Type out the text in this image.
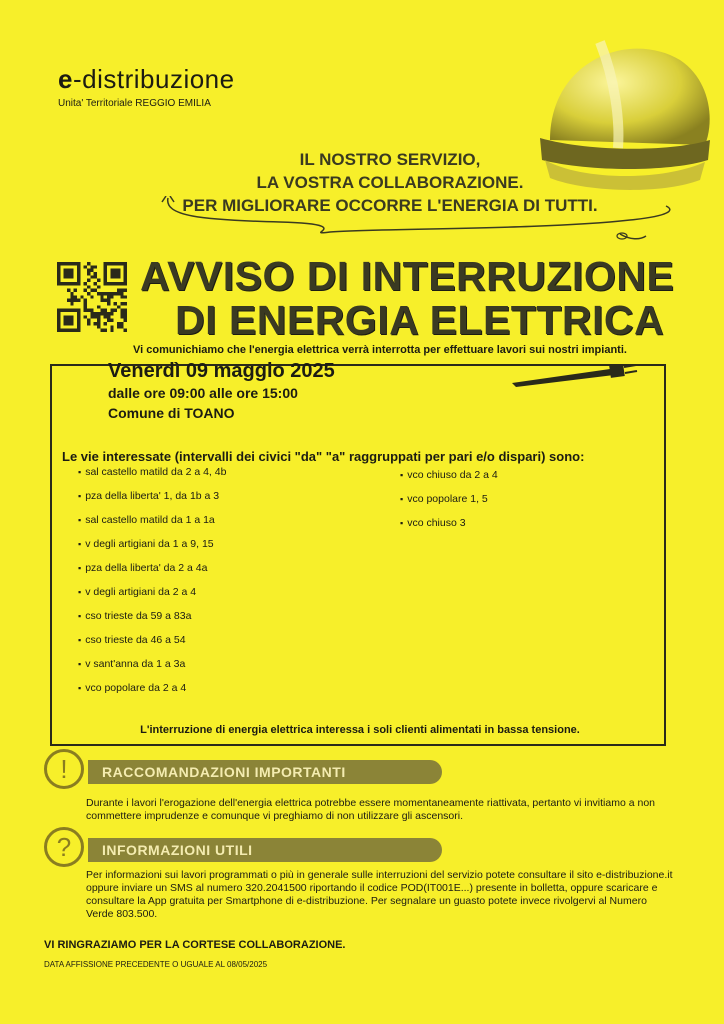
e-distribuzione
Unita' Territoriale REGGIO EMILIA
IL NOSTRO SERVIZIO,
LA VOSTRA COLLABORAZIONE.
PER MIGLIORARE OCCORRE L'ENERGIA DI TUTTI.
AVVISO DI INTERRUZIONE
DI ENERGIA ELETTRICA
Vi comunichiamo che l'energia elettrica verrà interrotta per effettuare lavori sui nostri impianti.
Venerdì 09 maggio 2025
dalle ore 09:00 alle ore 15:00
Comune di TOANO
Le vie interessate (intervalli dei civici "da" "a" raggruppati per pari e/o dispari) sono:
▪ sal castello matild da 2 a 4, 4b
▪ pza della liberta' 1, da 1b a 3
▪ sal castello matild da 1 a 1a
▪ v degli artigiani da 1 a 9, 15
▪ pza della liberta' da 2 a 4a
▪ v degli artigiani da 2 a 4
▪ cso trieste da 59 a 83a
▪ cso trieste da 46 a 54
▪ v sant'anna da 1 a 3a
▪ vco popolare da 2 a 4
▪ vco chiuso da 2 a 4
▪ vco popolare 1, 5
▪ vco chiuso 3
L'interruzione di energia elettrica interessa i soli clienti alimentati in bassa tensione.
!	RACCOMANDAZIONI IMPORTANTI
Durante i lavori l'erogazione dell'energia elettrica potrebbe essere momentaneamente riattivata, pertanto vi invitiamo a non commettere imprudenze e comunque vi preghiamo di non utilizzare gli ascensori.
?	INFORMAZIONI UTILI
Per informazioni sui lavori programmati o più in generale sulle interruzioni del servizio potete consultare il sito e-distribuzione.it oppure inviare un SMS al numero 320.2041500 riportando il codice POD(IT001E...) presente in bolletta, oppure scaricare e consultare la App gratuita per Smartphone di e-distribuzione. Per segnalare un guasto potete invece rivolgervi al Numero Verde 803.500.
VI RINGRAZIAMO PER LA CORTESE COLLABORAZIONE.
DATA AFFISSIONE PRECEDENTE O UGUALE AL 08/05/2025
